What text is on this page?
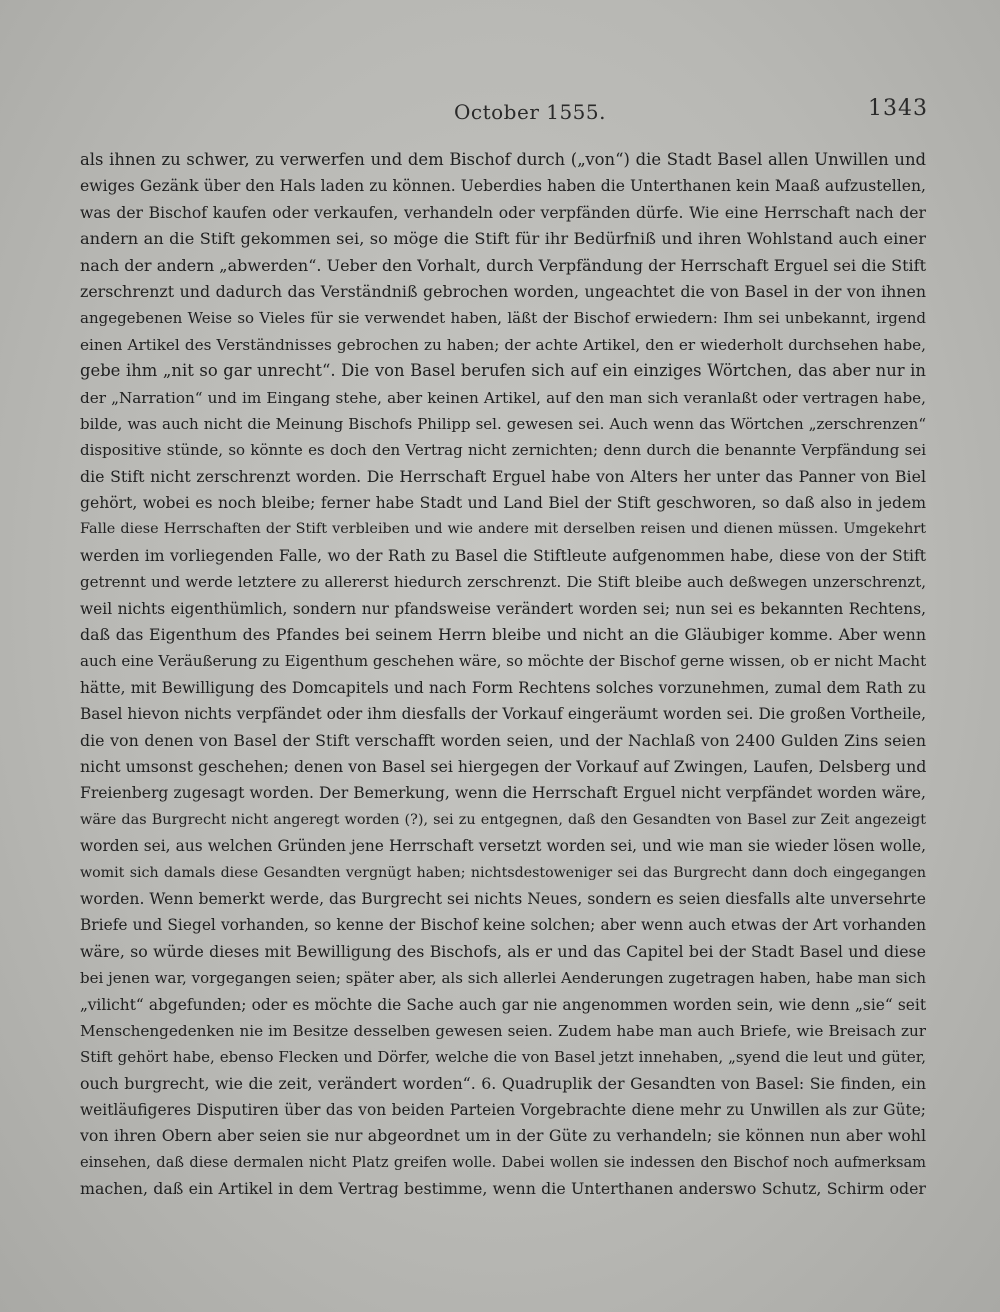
October 1555.	1343
als ihnen zu schwer, zu verwerfen und dem Bischof durch („von“) die Stadt Basel allen Unwillen und
ewiges Gezänk über den Hals laden zu können. Ueberdies haben die Unterthanen kein Maaß aufzustellen,
was der Bischof kaufen oder verkaufen, verhandeln oder verpfänden dürfe. Wie eine Herrschaft nach der
andern an die Stift gekommen sei, so möge die Stift für ihr Bedürfniß und ihren Wohlstand auch einer
nach der andern „abwerden“. Ueber den Vorhalt, durch Verpfändung der Herrschaft Erguel sei die Stift
zerschrenzt und dadurch das Verständniß gebrochen worden, ungeachtet die von Basel in der von ihnen
angegebenen Weise so Vieles für sie verwendet haben, läßt der Bischof erwiedern: Ihm sei unbekannt, irgend
einen Artikel des Verständnisses gebrochen zu haben; der achte Artikel, den er wiederholt durchsehen habe,
gebe ihm „nit so gar unrecht“. Die von Basel berufen sich auf ein einziges Wörtchen, das aber nur in
der „Narration“ und im Eingang stehe, aber keinen Artikel, auf den man sich veranlaßt oder vertragen habe,
bilde, was auch nicht die Meinung Bischofs Philipp sel. gewesen sei. Auch wenn das Wörtchen „zerschrenzen“
dispositive stünde, so könnte es doch den Vertrag nicht zernichten; denn durch die benannte Verpfändung sei
die Stift nicht zerschrenzt worden. Die Herrschaft Erguel habe von Alters her unter das Panner von Biel
gehört, wobei es noch bleibe; ferner habe Stadt und Land Biel der Stift geschworen, so daß also in jedem
Falle diese Herrschaften der Stift verbleiben und wie andere mit derselben reisen und dienen müssen. Umgekehrt
werden im vorliegenden Falle, wo der Rath zu Basel die Stiftleute aufgenommen habe, diese von der Stift
getrennt und werde letztere zu allererst hiedurch zerschrenzt. Die Stift bleibe auch deßwegen unzerschrenzt,
weil nichts eigenthümlich, sondern nur pfandsweise verändert worden sei; nun sei es bekannten Rechtens,
daß das Eigenthum des Pfandes bei seinem Herrn bleibe und nicht an die Gläubiger komme. Aber wenn
auch eine Veräußerung zu Eigenthum geschehen wäre, so möchte der Bischof gerne wissen, ob er nicht Macht
hätte, mit Bewilligung des Domcapitels und nach Form Rechtens solches vorzunehmen, zumal dem Rath zu
Basel hievon nichts verpfändet oder ihm diesfalls der Vorkauf eingeräumt worden sei. Die großen Vortheile,
die von denen von Basel der Stift verschafft worden seien, und der Nachlaß von 2400 Gulden Zins seien
nicht umsonst geschehen; denen von Basel sei hiergegen der Vorkauf auf Zwingen, Laufen, Delsberg und
Freienberg zugesagt worden. Der Bemerkung, wenn die Herrschaft Erguel nicht verpfändet worden wäre,
wäre das Burgrecht nicht angeregt worden (?), sei zu entgegnen, daß den Gesandten von Basel zur Zeit angezeigt
worden sei, aus welchen Gründen jene Herrschaft versetzt worden sei, und wie man sie wieder lösen wolle,
womit sich damals diese Gesandten vergnügt haben; nichtsdestoweniger sei das Burgrecht dann doch eingegangen
worden. Wenn bemerkt werde, das Burgrecht sei nichts Neues, sondern es seien diesfalls alte unversehrte
Briefe und Siegel vorhanden, so kenne der Bischof keine solchen; aber wenn auch etwas der Art vorhanden
wäre, so würde dieses mit Bewilligung des Bischofs, als er und das Capitel bei der Stadt Basel und diese
bei jenen war, vorgegangen seien; später aber, als sich allerlei Aenderungen zugetragen haben, habe man sich
„vilicht“ abgefunden; oder es möchte die Sache auch gar nie angenommen worden sein, wie denn „sie“ seit
Menschengedenken nie im Besitze desselben gewesen seien. Zudem habe man auch Briefe, wie Breisach zur
Stift gehört habe, ebenso Flecken und Dörfer, welche die von Basel jetzt innehaben, „syend die leut und güter,
ouch burgrecht, wie die zeit, verändert worden“. 6. Quadruplik der Gesandten von Basel: Sie finden, ein
weitläufigeres Disputiren über das von beiden Parteien Vorgebrachte diene mehr zu Unwillen als zur Güte;
von ihren Obern aber seien sie nur abgeordnet um in der Güte zu verhandeln; sie können nun aber wohl
einsehen, daß diese dermalen nicht Platz greifen wolle. Dabei wollen sie indessen den Bischof noch aufmerksam
machen, daß ein Artikel in dem Vertrag bestimme, wenn die Unterthanen anderswo Schutz, Schirm oder
